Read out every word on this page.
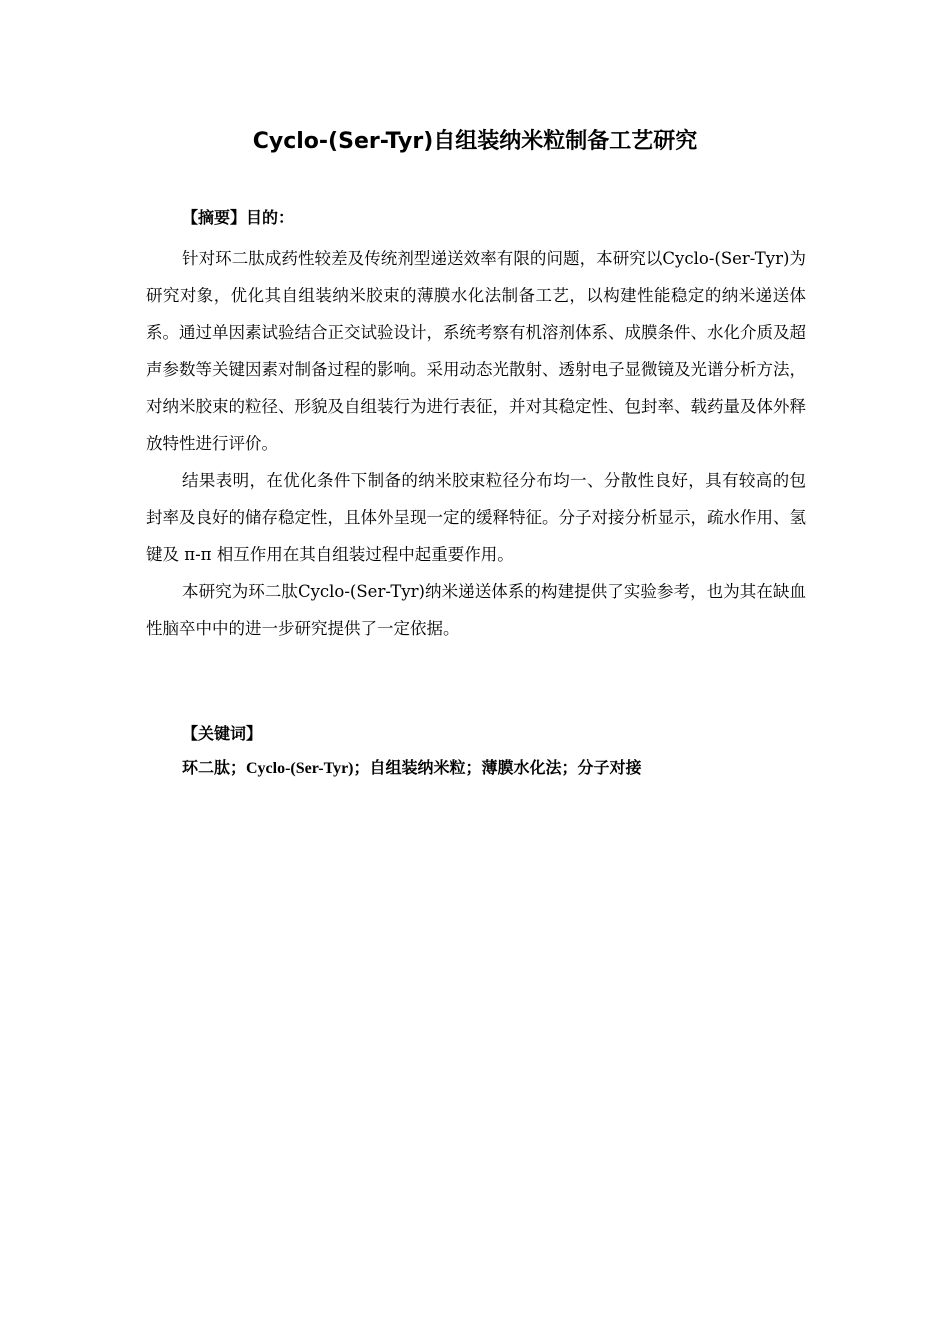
Cyclo-(Ser-Tyr)自组装纳米粒制备工艺研究
【摘要】目的：

针对环二肽成药性较差及传统剂型递送效率有限的问题，本研究以Cyclo-(Ser-Tyr)为研究对象，优化其自组装纳米胶束的薄膜水化法制备工艺，以构建性能稳定的纳米递送体系。通过单因素试验结合正交试验设计，系统考察有机溶剂体系、成膜条件、水化介质及超声参数等关键因素对制备过程的影响。采用动态光散射、透射电子显微镜及光谱分析方法，对纳米胶束的粒径、形貌及自组装行为进行表征，并对其稳定性、包封率、载药量及体外释放特性进行评价。

结果表明，在优化条件下制备的纳米胶束粒径分布均一、分散性良好，具有较高的包封率及良好的储存稳定性，且体外呈现一定的缓释特征。分子对接分析显示，疏水作用、氢键及 π-π 相互作用在其自组装过程中起重要作用。

本研究为环二肽Cyclo-(Ser-Tyr)纳米递送体系的构建提供了实验参考，也为其在缺血性脑卒中中的进一步研究提供了一定依据。

【关键词】
环二肽；Cyclo-(Ser-Tyr)；自组装纳米粒；薄膜水化法；分子对接
